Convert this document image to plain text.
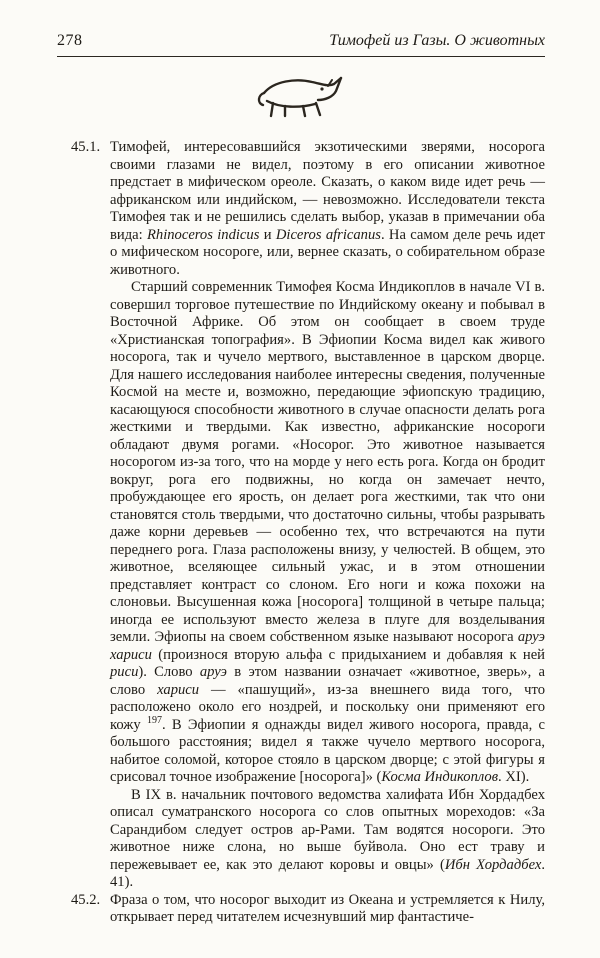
278	Тимофей из Газы. О животных
45.1. Тимофей, интересовавшийся экзотическими зверями, носорога своими глазами не видел, поэтому в его описании животное предстает в мифическом ореоле. Сказать, о каком виде идет речь — африканском или индийском, — невозможно. Исследователи текста Тимофея так и не решились сделать выбор, указав в примечании оба вида: Rhinoceros indicus и Diceros africanus. На самом деле речь идет о мифическом носороге, или, вернее сказать, о собирательном образе животного.
Старший современник Тимофея Косма Индикоплов в начале VI в. совершил торговое путешествие по Индийскому океану и побывал в Восточной Африке. Об этом он сообщает в своем труде «Христианская топография». В Эфиопии Косма видел как живого носорога, так и чучело мертвого, выставленное в царском дворце. Для нашего исследования наиболее интересны сведения, полученные Космой на месте и, возможно, передающие эфиопскую традицию, касающуюся способности животного в случае опасности делать рога жесткими и твердыми. Как известно, африканские носороги обладают двумя рогами. «Носорог. Это животное называется носорогом из-за того, что на морде у него есть рога. Когда он бродит вокруг, рога его подвижны, но когда он замечает нечто, пробуждающее его ярость, он делает рога жесткими, так что они становятся столь твердыми, что достаточно сильны, чтобы разрывать даже корни деревьев — особенно тех, что встречаются на пути переднего рога. Глаза расположены внизу, у челюстей. В общем, это животное, вселяющее сильный ужас, и в этом отношении представляет контраст со слоном. Его ноги и кожа похожи на слоновьи. Высушенная кожа [носорога] толщиной в четыре пальца; иногда ее используют вместо железа в плуге для возделывания земли. Эфиопы на своем собственном языке называют носорога аруэ хариси (произнося вторую альфа с придыханием и добавляя к ней риси). Слово аруэ в этом названии означает «животное, зверь», а слово хариси — «пашущий», из-за внешнего вида того, что расположено около его ноздрей, и поскольку они применяют его кожу $^{197}$. В Эфиопии я однажды видел живого носорога, правда, с большого расстояния; видел я также чучело мертвого носорога, набитое соломой, которое стояло в царском дворце; с этой фигуры я срисовал точное изображение [носорога]» (Косма Индикоплов. XI).
В IX в. начальник почтового ведомства халифата Ибн Хордадбех описал суматранского носорога со слов опытных мореходов: «За Сарандибом следует остров ар-Рами. Там водятся носороги. Это животное ниже слона, но выше буйвола. Оно ест траву и пережевывает ее, как это делают коровы и овцы» (Ибн Хордадбех. 41).
45.2. Фраза о том, что носорог выходит из Океана и устремляется к Нилу, открывает перед читателем исчезнувший мир фантастиче-
